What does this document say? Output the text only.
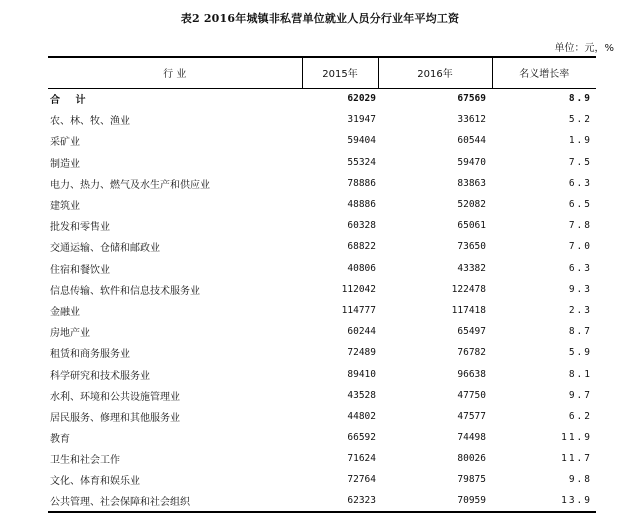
表2 2016年城镇非私营单位就业人员分行业年平均工资
单位：元，%
行 业	2015年	2016年	名义增长率
合 计	62029	67569	8.9
农、林、牧、渔业	31947	33612	5.2
采矿业	59404	60544	1.9
制造业	55324	59470	7.5
电力、热力、燃气及水生产和供应业	78886	83863	6.3
建筑业	48886	52082	6.5
批发和零售业	60328	65061	7.8
交通运输、仓储和邮政业	68822	73650	7.0
住宿和餐饮业	40806	43382	6.3
信息传输、软件和信息技术服务业	112042	122478	9.3
金融业	114777	117418	2.3
房地产业	60244	65497	8.7
租赁和商务服务业	72489	76782	5.9
科学研究和技术服务业	89410	96638	8.1
水利、环境和公共设施管理业	43528	47750	9.7
居民服务、修理和其他服务业	44802	47577	6.2
教育	66592	74498	11.9
卫生和社会工作	71624	80026	11.7
文化、体育和娱乐业	72764	79875	9.8
公共管理、社会保障和社会组织	62323	70959	13.9
